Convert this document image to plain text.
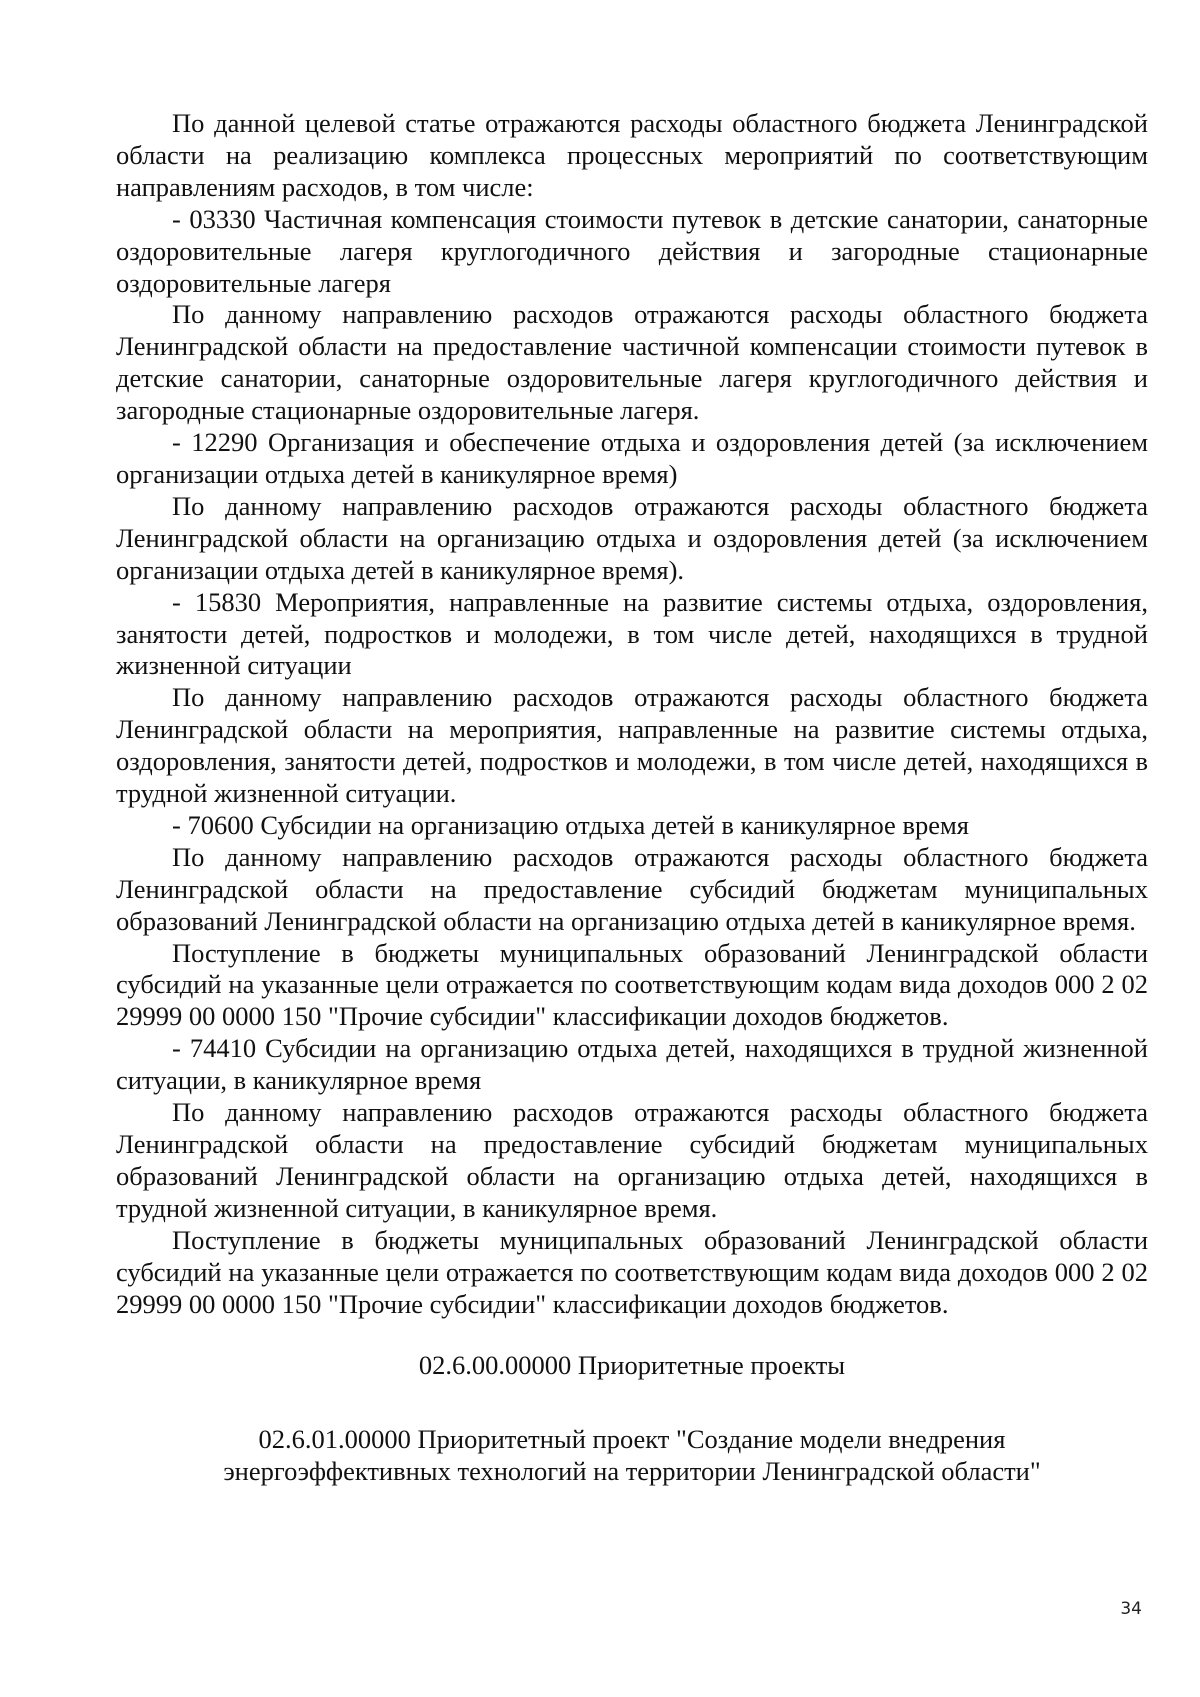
По данной целевой статье отражаются расходы областного бюджета Ленинградской области на реализацию комплекса процессных мероприятий по соответствующим направлениям расходов, в том числе:

- 03330 Частичная компенсация стоимости путевок в детские санатории, санаторные оздоровительные лагеря круглогодичного действия и загородные стационарные оздоровительные лагеря

По данному направлению расходов отражаются расходы областного бюджета Ленинградской области на предоставление частичной компенсации стоимости путевок в детские санатории, санаторные оздоровительные лагеря круглогодичного действия и загородные стационарные оздоровительные лагеря.

- 12290 Организация и обеспечение отдыха и оздоровления детей (за исключением организации отдыха детей в каникулярное время)

По данному направлению расходов отражаются расходы областного бюджета Ленинградской области на организацию отдыха и оздоровления детей (за исключением организации отдыха детей в каникулярное время).

- 15830 Мероприятия, направленные на развитие системы отдыха, оздоровления, занятости детей, подростков и молодежи, в том числе детей, находящихся в трудной жизненной ситуации

По данному направлению расходов отражаются расходы областного бюджета Ленинградской области на мероприятия, направленные на развитие системы отдыха, оздоровления, занятости детей, подростков и молодежи, в том числе детей, находящихся в трудной жизненной ситуации.

- 70600 Субсидии на организацию отдыха детей в каникулярное время

По данному направлению расходов отражаются расходы областного бюджета Ленинградской области на предоставление субсидий бюджетам муниципальных образований Ленинградской области на организацию отдыха детей в каникулярное время.

Поступление в бюджеты муниципальных образований Ленинградской области субсидий на указанные цели отражается по соответствующим кодам вида доходов 000 2 02 29999 00 0000 150 "Прочие субсидии" классификации доходов бюджетов.

- 74410 Субсидии на организацию отдыха детей, находящихся в трудной жизненной ситуации, в каникулярное время

По данному направлению расходов отражаются расходы областного бюджета Ленинградской области на предоставление субсидий бюджетам муниципальных образований Ленинградской области на организацию отдыха детей, находящихся в трудной жизненной ситуации, в каникулярное время.

Поступление в бюджеты муниципальных образований Ленинградской области субсидий на указанные цели отражается по соответствующим кодам вида доходов 000 2 02 29999 00 0000 150 "Прочие субсидии" классификации доходов бюджетов.

02.6.00.00000 Приоритетные проекты

02.6.01.00000 Приоритетный проект "Создание модели внедрения

энергоэффективных технологий на территории Ленинградской области"

34
